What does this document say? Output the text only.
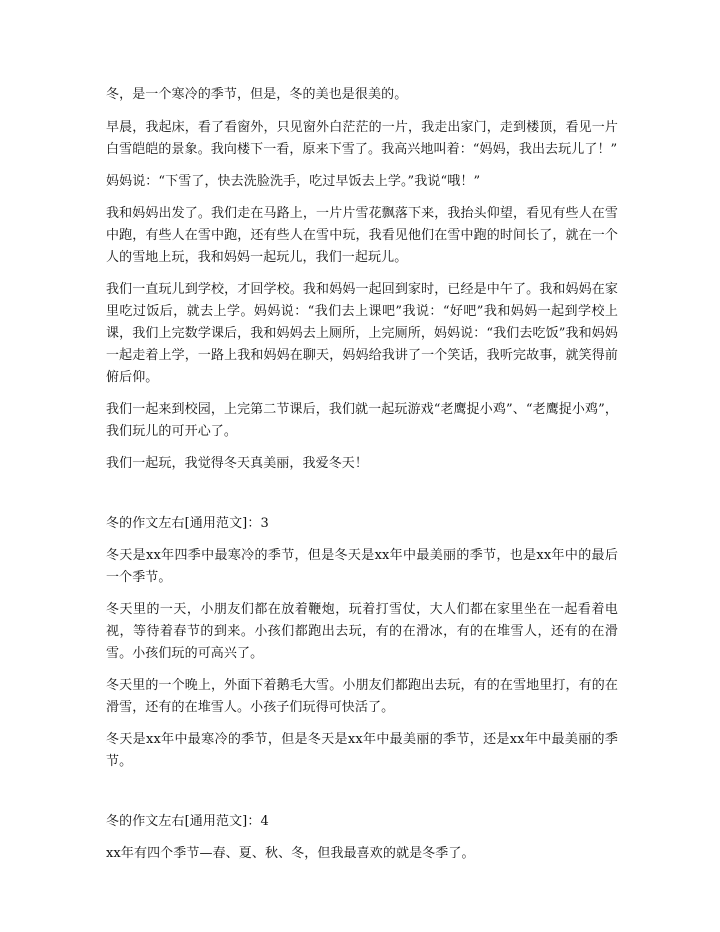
冬，是一个寒冷的季节，但是，冬的美也是很美的。

早晨，我起床，看了看窗外，只见窗外白茫茫的一片，我走出家门，走到楼顶，看见一片白雪皑皑的景象。我向楼下一看，原来下雪了。我高兴地叫着：“妈妈，我出去玩儿了！”

妈妈说：“下雪了，快去洗脸洗手，吃过早饭去上学。”我说“哦！”

我和妈妈出发了。我们走在马路上，一片片雪花飘落下来，我抬头仰望，看见有些人在雪中跑，有些人在雪中跑，还有些人在雪中玩，我看见他们在雪中跑的时间长了，就在一个人的雪地上玩，我和妈妈一起玩儿，我们一起玩儿。

我们一直玩儿到学校，才回学校。我和妈妈一起回到家时，已经是中午了。我和妈妈在家里吃过饭后，就去上学。妈妈说：“我们去上课吧”我说：“好吧”我和妈妈一起到学校上课，我们上完数学课后，我和妈妈去上厕所，上完厕所，妈妈说：“我们去吃饭”我和妈妈一起走着上学，一路上我和妈妈在聊天，妈妈给我讲了一个笑话，我听完故事，就笑得前俯后仰。

我们一起来到校园，上完第二节课后，我们就一起玩游戏“老鹰捉小鸡”、“老鹰捉小鸡”，我们玩儿的可开心了。

我们一起玩，我觉得冬天真美丽，我爱冬天！

冬的作文左右[通用范文]：3

冬天是xx年四季中最寒冷的季节，但是冬天是xx年中最美丽的季节，也是xx年中的最后一个季节。

冬天里的一天，小朋友们都在放着鞭炮，玩着打雪仗，大人们都在家里坐在一起看着电视，等待着春节的到来。小孩们都跑出去玩，有的在滑冰，有的在堆雪人，还有的在滑雪。小孩们玩的可高兴了。

冬天里的一个晚上，外面下着鹅毛大雪。小朋友们都跑出去玩，有的在雪地里打，有的在滑雪，还有的在堆雪人。小孩子们玩得可快活了。

冬天是xx年中最寒冷的季节，但是冬天是xx年中最美丽的季节，还是xx年中最美丽的季节。

冬的作文左右[通用范文]：4

xx年有四个季节—春、夏、秋、冬，但我最喜欢的就是冬季了。
